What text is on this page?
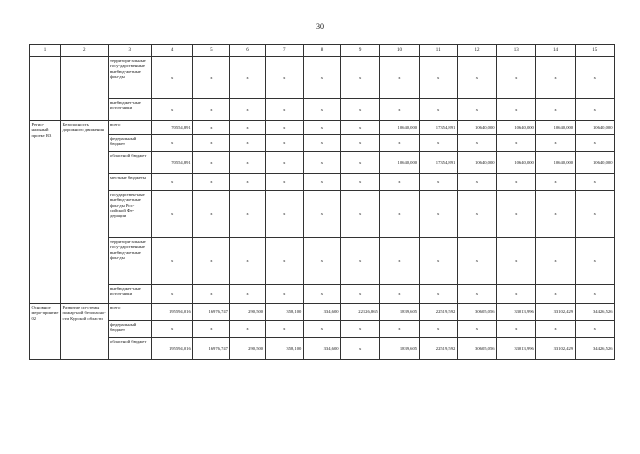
30
1	2	3	4	5	6	7	8	9	10	11	12	13	14	15
		территори-альные госу-дарственные внебюд-жетные фон-ды	x	x	x	x	x	x	x	x	x	x	x	x
		внебюджет-ные источ-ники	x	x	x	x	x	x	x	x	x	x	x	x
Регио-нальный проект R3	Безопасность дорожного движения	всего	70554,891	x	x	x	x	x	10640,000	17354,891	10640,000	10640,000	10640,000	10640,000
		федеральный бюджет	x	x	x	x	x	x	x	x	x	x	x	x
		областной бюджет	70554,891	x	x	x	x	x	10640,000	17354,891	10640,000	10640,000	10640,000	10640,000
		местные бюджеты	x	x	x	x	x	x	x	x	x	x	x	x
		государствен-ные внебюд-жетные фон-ды Рос-сийской Фе-дерации	x	x	x	x	x	x	x	x	x	x	x	x
		территори-альные госу-дарственные внебюд-жетные фон-ды	x	x	x	x	x	x	x	x	x	x	x	x
		внебюджет-ные источ-ники	x	x	x	x	x	x	x	x	x	x	x	x
Основное меро-приятие 02	Развитие си-стемы пожар-ной безопасно-сти Курской области	всего	195594,016	16976,747	290,500	358,100	334,600	22126,865	1839,605	22519,592	30605,056	33013,996	33102,429	34426,526
		федеральный бюджет	x	x	x	x	x	x	x	x	x	x	x	x
		областной бюджет	195594,016	16976,747	290,500	358,100	334,600	x	1839,605	22519,592	30605,056	33013,996	33102,429	34426,526
